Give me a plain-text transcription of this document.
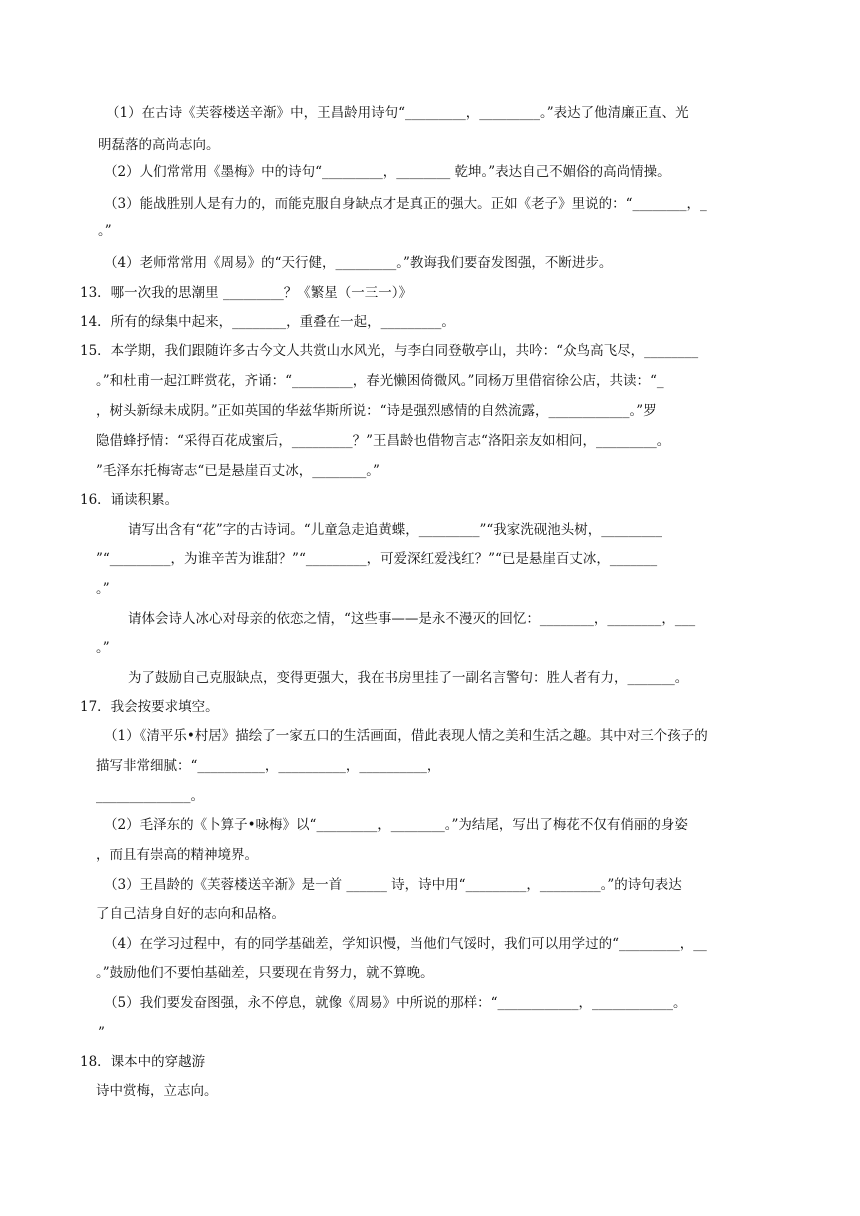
（1）在古诗《芙蓉楼送辛渐》中，王昌龄用诗句“_________，_________。”表达了他清廉正直、光
明磊落的高尚志向。
（2）人们常常用《墨梅》中的诗句“_________，________ 乾坤。”表达自己不媚俗的高尚情操。
（3）能战胜别人是有力的，而能克服自身缺点才是真正的强大。正如《老子》里说的：“________，_
。”
（4）老师常常用《周易》的“天行健，_________。”教诲我们要奋发图强，不断进步。
13．哪一次我的思潮里 _________？《繁星（一三一）》
14．所有的绿集中起来，________，重叠在一起，_________。
15．本学期，我们跟随许多古今文人共赏山水风光，与李白同登敬亭山，共吟：“众鸟高飞尽，________
。”和杜甫一起江畔赏花，齐诵：“_________，春光懒困倚微风。”同杨万里借宿徐公店，共读：“_
，树头新绿未成阴。”正如英国的华兹华斯所说：“诗是强烈感情的自然流露，____________。”罗
隐借蜂抒情：“采得百花成蜜后，_________？”王昌龄也借物言志“洛阳亲友如相问，_________。
”毛泽东托梅寄志“已是悬崖百丈冰，________。”
16．诵读积累。
请写出含有“花”字的古诗词。“儿童急走追黄蝶，_________”“我家洗砚池头树，_________
”“_________，为谁辛苦为谁甜？”“_________，可爱深红爱浅红？”“已是悬崖百丈冰，_______
。”
请体会诗人冰心对母亲的依恋之情，“这些事——是永不漫灭的回忆：________，________，___
。”
为了鼓励自己克服缺点，变得更强大，我在书房里挂了一副名言警句：胜人者有力，_______。
17．我会按要求填空。
（1）《清平乐•村居》描绘了一家五口的生活画面，借此表现人情之美和生活之趣。其中对三个孩子的
描写非常细腻：“__________，__________，__________，
______________。
（2）毛泽东的《卜算子•咏梅》以“_________，________。”为结尾，写出了梅花不仅有俏丽的身姿
，而且有崇高的精神境界。
（3）王昌龄的《芙蓉楼送辛渐》是一首 ______ 诗，诗中用“_________，_________。”的诗句表达
了自己洁身自好的志向和品格。
（4）在学习过程中，有的同学基础差，学知识慢，当他们气馁时，我们可以用学过的“_________，__
。”鼓励他们不要怕基础差，只要现在肯努力，就不算晚。
（5）我们要发奋图强，永不停息，就像《周易》中所说的那样：“____________，____________。
”
18．课本中的穿越游
诗中赏梅，立志向。
